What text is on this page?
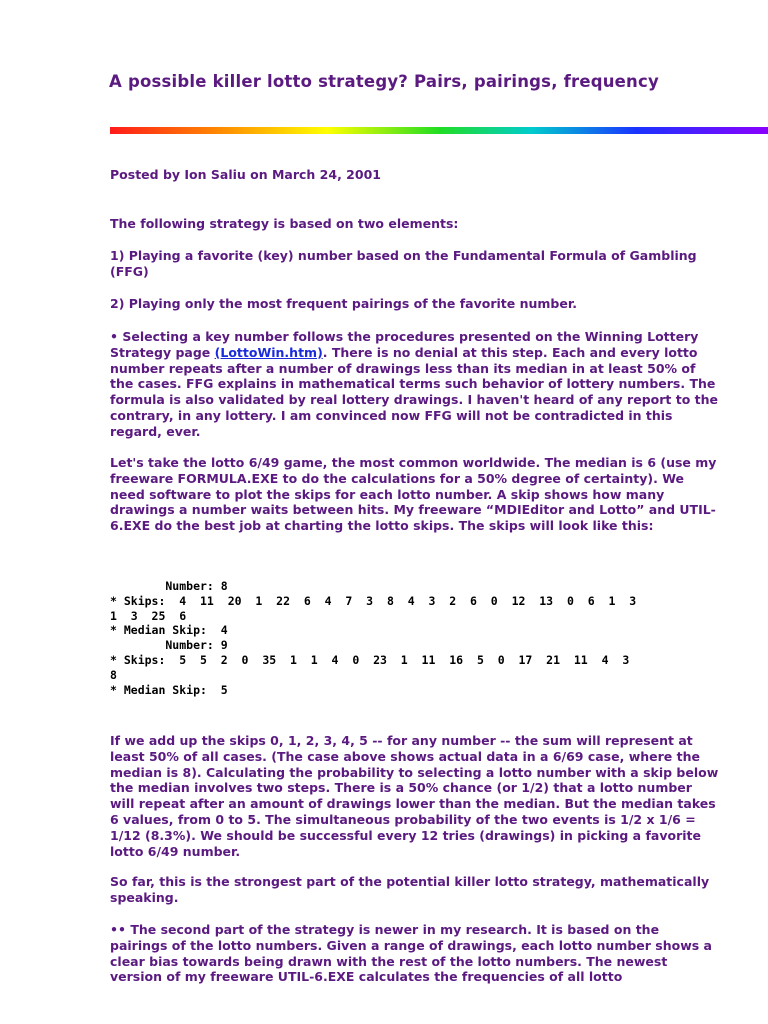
A possible killer lotto strategy? Pairs, pairings, frequency

Posted by Ion Saliu on March 24, 2001

The following strategy is based on two elements:

1) Playing a favorite (key) number based on the Fundamental Formula of Gambling (FFG)

2) Playing only the most frequent pairings of the favorite number.

• Selecting a key number follows the procedures presented on the Winning Lottery Strategy page (LottoWin.htm). There is no denial at this step. Each and every lotto number repeats after a number of drawings less than its median in at least 50% of the cases. FFG explains in mathematical terms such behavior of lottery numbers. The formula is also validated by real lottery drawings. I haven't heard of any report to the contrary, in any lottery. I am convinced now FFG will not be contradicted in this regard, ever.

Let's take the lotto 6/49 game, the most common worldwide. The median is 6 (use my freeware FORMULA.EXE to do the calculations for a 50% degree of certainty). We need software to plot the skips for each lotto number. A skip shows how many drawings a number waits between hits. My freeware “MDIEditor and Lotto” and UTIL-6.EXE do the best job at charting the lotto skips. The skips will look like this:

Number: 8
* Skips:  4  11  20  1  22  6  4  7  3  8  4  3  2  6  0  12  13  0  6  1  3
1  3  25  6
* Median Skip:  4
Number: 9
* Skips:  5  5  2  0  35  1  1  4  0  23  1  11  16  5  0  17  21  11  4  3
8
* Median Skip:  5

If we add up the skips 0, 1, 2, 3, 4, 5 -- for any number -- the sum will represent at least 50% of all cases. (The case above shows actual data in a 6/69 case, where the median is 8). Calculating the probability to selecting a lotto number with a skip below the median involves two steps. There is a 50% chance (or 1/2) that a lotto number will repeat after an amount of drawings lower than the median. But the median takes 6 values, from 0 to 5. The simultaneous probability of the two events is 1/2 x 1/6 = 1/12 (8.3%). We should be successful every 12 tries (drawings) in picking a favorite lotto 6/49 number.

So far, this is the strongest part of the potential killer lotto strategy, mathematically speaking.

•• The second part of the strategy is newer in my research. It is based on the pairings of the lotto numbers. Given a range of drawings, each lotto number shows a clear bias towards being drawn with the rest of the lotto numbers. The newest version of my freeware UTIL-6.EXE calculates the frequencies of all lotto
